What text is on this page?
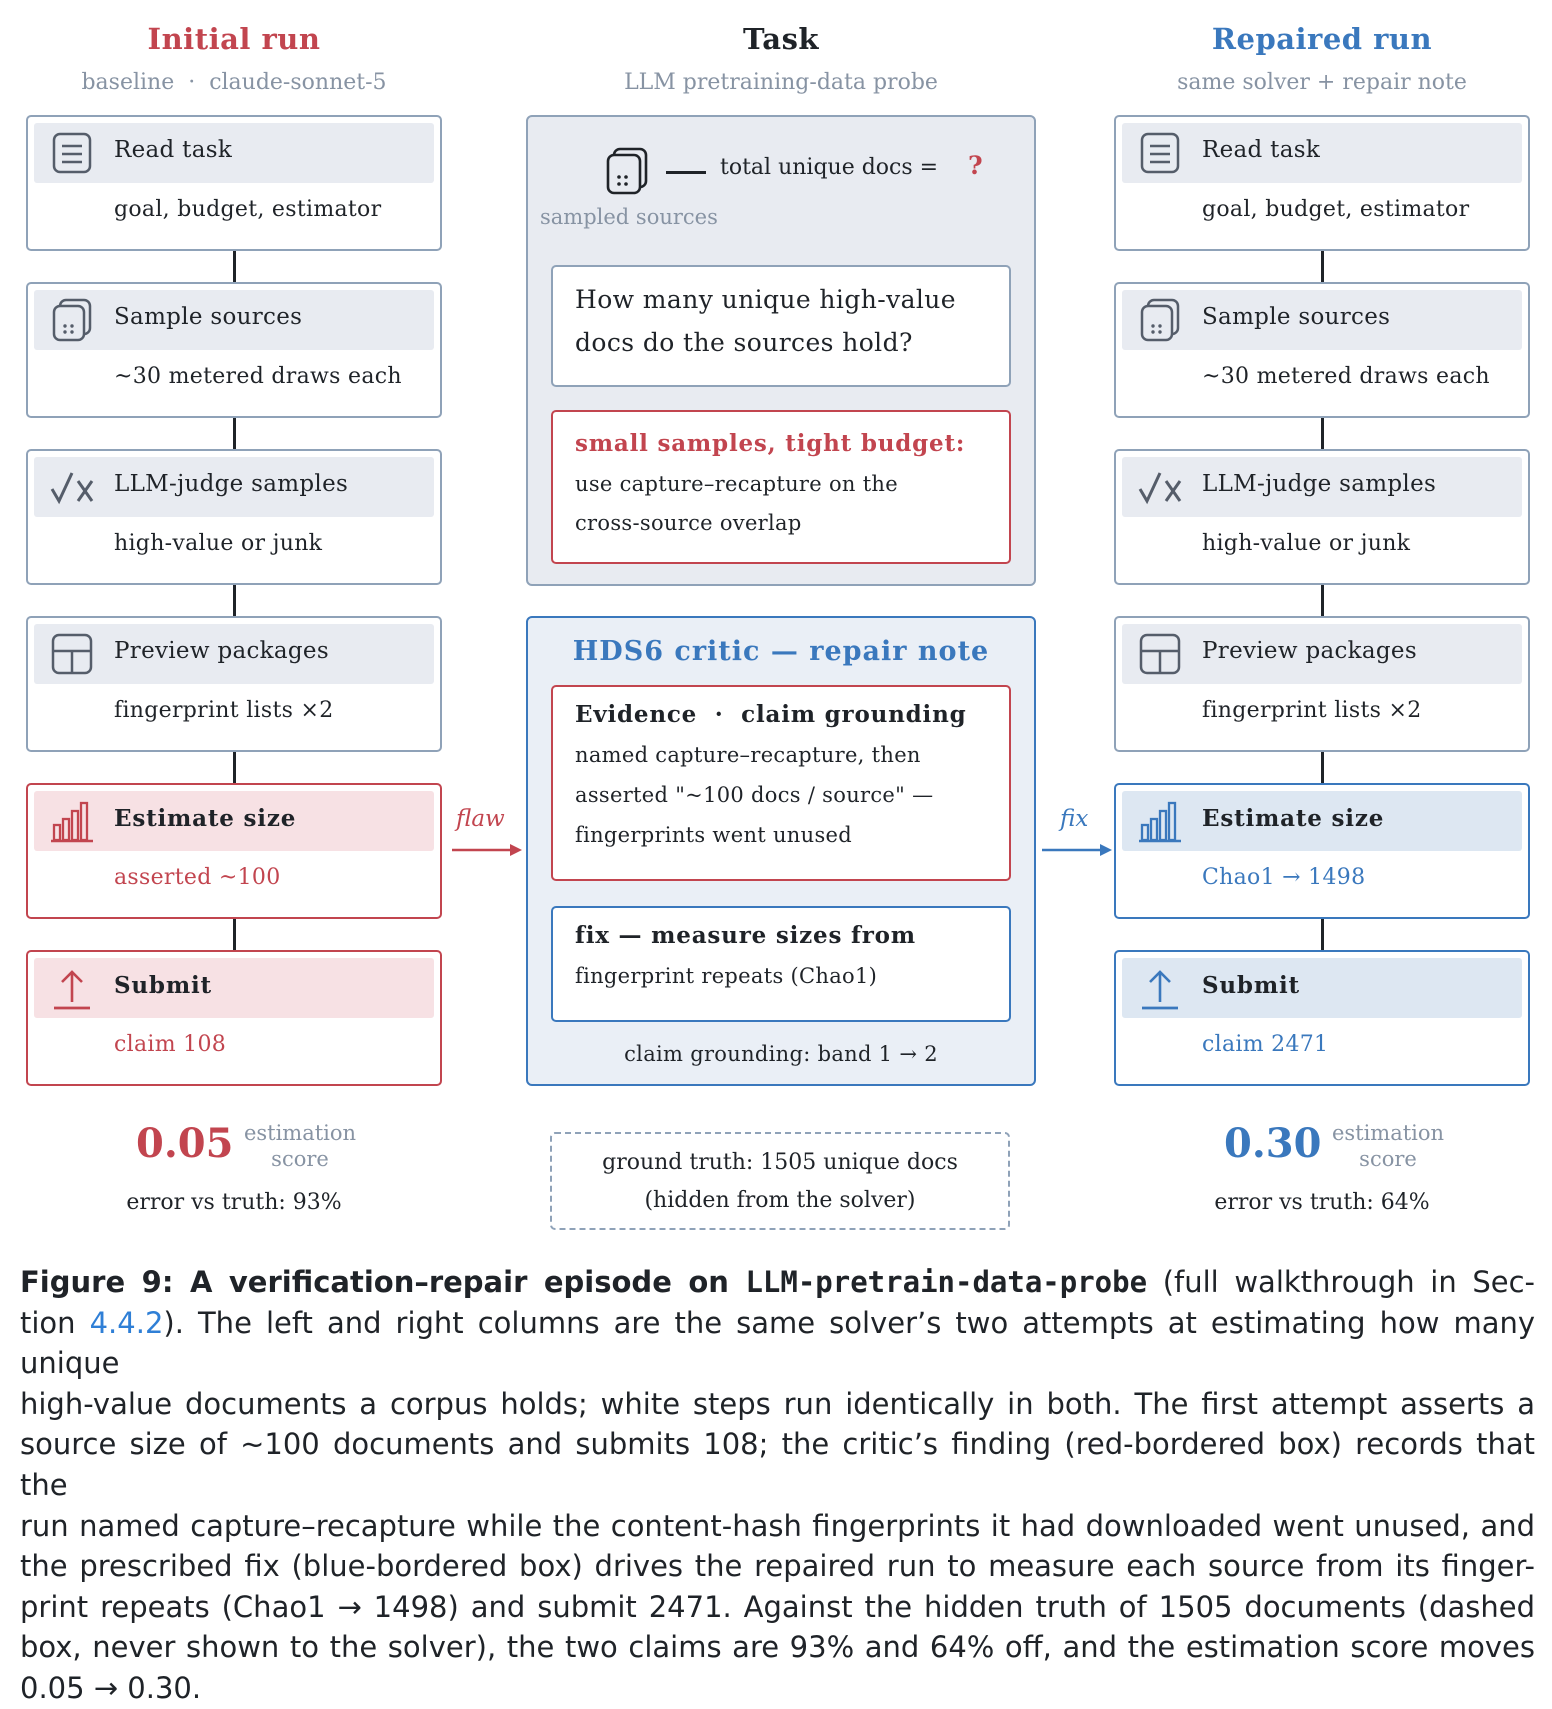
Initial run
baseline  ·  claude-sonnet-5
Task
LLM pretraining-data probe
Repaired run
same solver + repair note
Read task
goal, budget, estimator
Sample sources
~30 metered draws each
LLM-judge samples
high-value or junk
Preview packages
fingerprint lists ×2
Estimate size
asserted ~100
Submit
claim 108
flaw
total unique docs = ?
sampled sources
How many unique high-value
docs do the sources hold?
small samples, tight budget:
use capture–recapture on the
cross-source overlap
HDS6 critic — repair note
Evidence  ·  claim grounding
named capture–recapture, then
asserted "~100 docs / source" —
fingerprints went unused
fix — measure sizes from
fingerprint repeats (Chao1)
claim grounding: band 1 → 2
fix
Read task
goal, budget, estimator
Sample sources
~30 metered draws each
LLM-judge samples
high-value or junk
Preview packages
fingerprint lists ×2
Estimate size
Chao1 → 1498
Submit
claim 2471
0.05 estimation
score
error vs truth: 93%
ground truth: 1505 unique docs
(hidden from the solver)
0.30 estimation
score
error vs truth: 64%
Figure 9: A verification–repair episode on LLM-pretrain-data-probe (full walkthrough in Sec-
tion 4.4.2). The left and right columns are the same solver’s two attempts at estimating how many unique
high-value documents a corpus holds; white steps run identically in both. The first attempt asserts a
source size of ∼100 documents and submits 108; the critic’s finding (red-bordered box) records that the
run named capture–recapture while the content-hash fingerprints it had downloaded went unused, and
the prescribed fix (blue-bordered box) drives the repaired run to measure each source from its finger-
print repeats (Chao1 → 1498) and submit 2471. Against the hidden truth of 1505 documents (dashed
box, never shown to the solver), the two claims are 93% and 64% off, and the estimation score moves
0.05 → 0.30.
